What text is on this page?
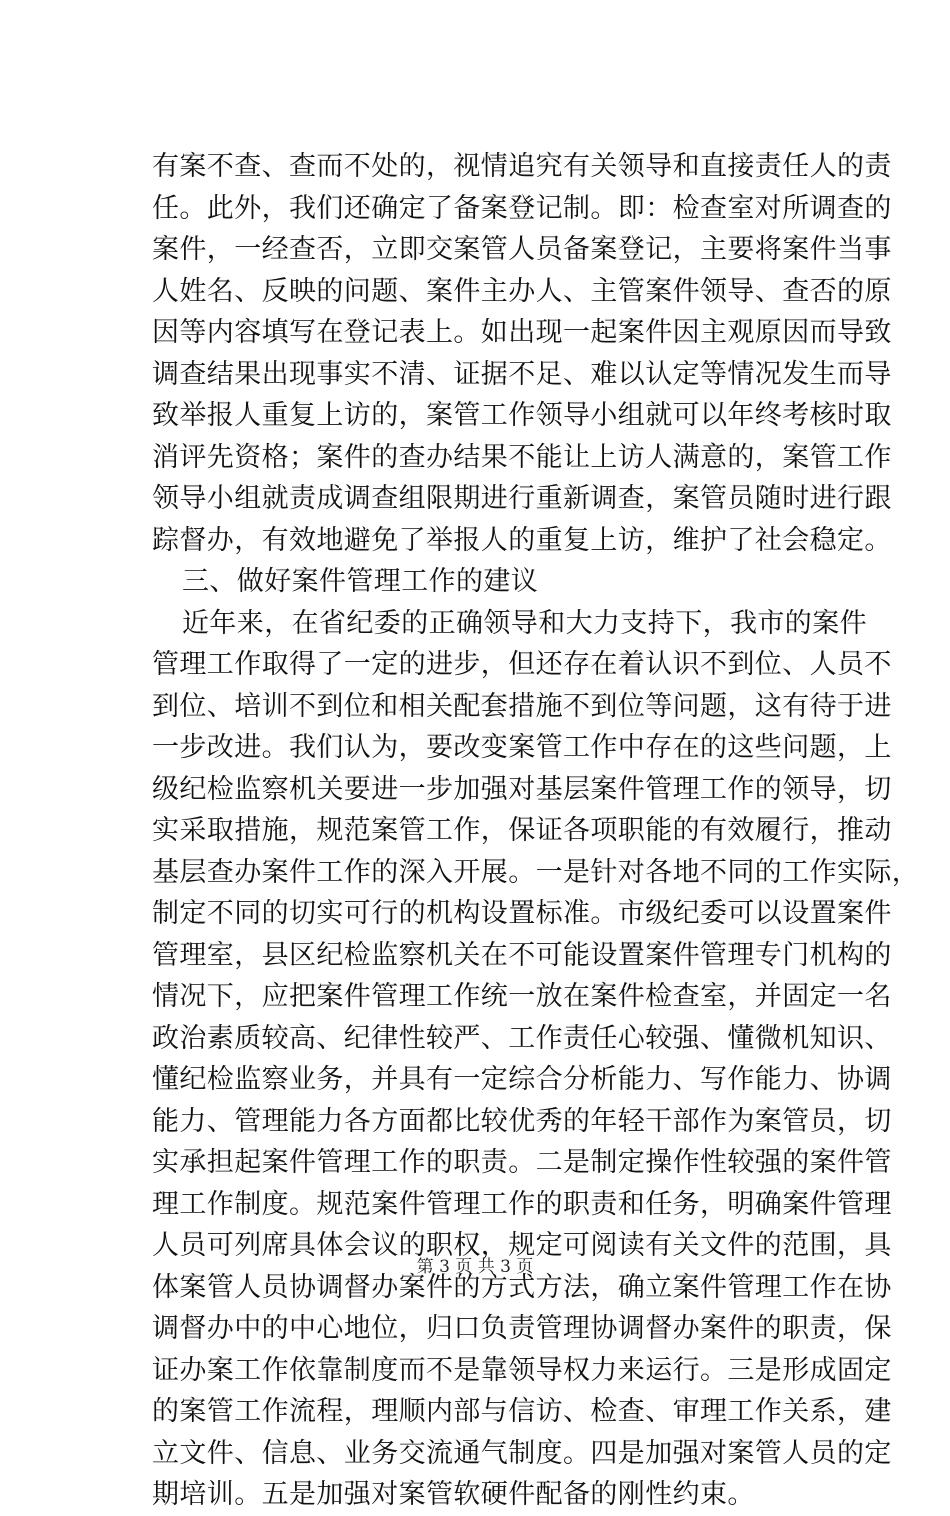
有案不查、查而不处的，视情追究有关领导和直接责任人的责
任。此外，我们还确定了备案登记制。即：检查室对所调查的
案件，一经查否，立即交案管人员备案登记，主要将案件当事
人姓名、反映的问题、案件主办人、主管案件领导、查否的原
因等内容填写在登记表上。如出现一起案件因主观原因而导致
调查结果出现事实不清、证据不足、难以认定等情况发生而导
致举报人重复上访的，案管工作领导小组就可以年终考核时取
消评先资格；案件的查办结果不能让上访人满意的，案管工作
领导小组就责成调查组限期进行重新调查，案管员随时进行跟
踪督办，有效地避免了举报人的重复上访，维护了社会稳定。
三、做好案件管理工作的建议
近年来，在省纪委的正确领导和大力支持下，我市的案件
管理工作取得了一定的进步，但还存在着认识不到位、人员不
到位、培训不到位和相关配套措施不到位等问题，这有待于进
一步改进。我们认为，要改变案管工作中存在的这些问题，上
级纪检监察机关要进一步加强对基层案件管理工作的领导，切
实采取措施，规范案管工作，保证各项职能的有效履行，推动
基层查办案件工作的深入开展。一是针对各地不同的工作实际，
制定不同的切实可行的机构设置标准。市级纪委可以设置案件
管理室，县区纪检监察机关在不可能设置案件管理专门机构的
情况下，应把案件管理工作统一放在案件检查室，并固定一名
政治素质较高、纪律性较严、工作责任心较强、懂微机知识、
懂纪检监察业务，并具有一定综合分析能力、写作能力、协调
能力、管理能力各方面都比较优秀的年轻干部作为案管员，切
实承担起案件管理工作的职责。二是制定操作性较强的案件管
理工作制度。规范案件管理工作的职责和任务，明确案件管理
人员可列席具体会议的职权，规定可阅读有关文件的范围，具
体案管人员协调督办案件的方式方法，确立案件管理工作在协
调督办中的中心地位，归口负责管理协调督办案件的职责，保
证办案工作依靠制度而不是靠领导权力来运行。三是形成固定
的案管工作流程，理顺内部与信访、检查、审理工作关系，建
立文件、信息、业务交流通气制度。四是加强对案管人员的定
期培训。五是加强对案管软硬件配备的刚性约束。
第 3 页 共 3 页
